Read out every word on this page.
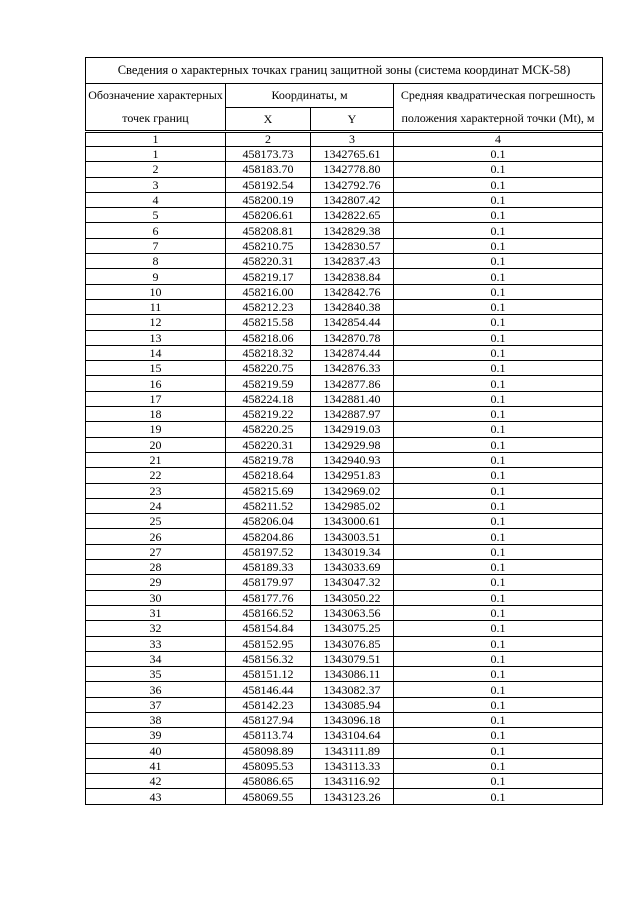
Сведения о характерных точках границ защитной зоны (система координат МСК-58)			
Обозначение характерных точек границ	Координаты, м		Средняя квадратическая погрешность положения характерной точки (Mt), м
	X	Y	

1	2	3	4
1	458173.73	1342765.61	0.1
2	458183.70	1342778.80	0.1
3	458192.54	1342792.76	0.1
4	458200.19	1342807.42	0.1
5	458206.61	1342822.65	0.1
6	458208.81	1342829.38	0.1
7	458210.75	1342830.57	0.1
8	458220.31	1342837.43	0.1
9	458219.17	1342838.84	0.1
10	458216.00	1342842.76	0.1
11	458212.23	1342840.38	0.1
12	458215.58	1342854.44	0.1
13	458218.06	1342870.78	0.1
14	458218.32	1342874.44	0.1
15	458220.75	1342876.33	0.1
16	458219.59	1342877.86	0.1
17	458224.18	1342881.40	0.1
18	458219.22	1342887.97	0.1
19	458220.25	1342919.03	0.1
20	458220.31	1342929.98	0.1
21	458219.78	1342940.93	0.1
22	458218.64	1342951.83	0.1
23	458215.69	1342969.02	0.1
24	458211.52	1342985.02	0.1
25	458206.04	1343000.61	0.1
26	458204.86	1343003.51	0.1
27	458197.52	1343019.34	0.1
28	458189.33	1343033.69	0.1
29	458179.97	1343047.32	0.1
30	458177.76	1343050.22	0.1
31	458166.52	1343063.56	0.1
32	458154.84	1343075.25	0.1
33	458152.95	1343076.85	0.1
34	458156.32	1343079.51	0.1
35	458151.12	1343086.11	0.1
36	458146.44	1343082.37	0.1
37	458142.23	1343085.94	0.1
38	458127.94	1343096.18	0.1
39	458113.74	1343104.64	0.1
40	458098.89	1343111.89	0.1
41	458095.53	1343113.33	0.1
42	458086.65	1343116.92	0.1
43	458069.55	1343123.26	0.1
